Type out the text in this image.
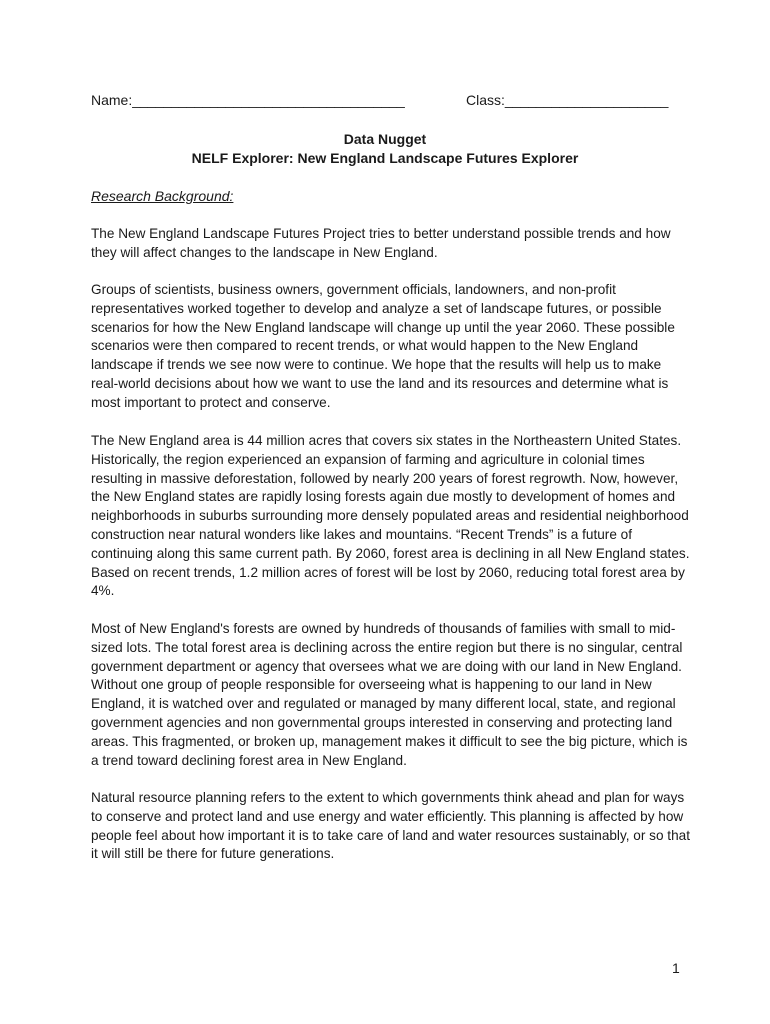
Name:___________________________________	Class:_____________________
Data Nugget
NELF Explorer: New England Landscape Futures Explorer
Research Background:

The New England Landscape Futures Project tries to better understand possible trends and how they will affect changes to the landscape in New England.

Groups of scientists, business owners, government officials, landowners, and non-profit representatives worked together to develop and analyze a set of landscape futures, or possible scenarios for how the New England landscape will change up until the year 2060. These possible scenarios were then compared to recent trends, or what would happen to the New England landscape if trends we see now were to continue. We hope that the results will help us to make real-world decisions about how we want to use the land and its resources and determine what is most important to protect and conserve.

The New England area is 44 million acres that covers six states in the Northeastern United States. Historically, the region experienced an expansion of farming and agriculture in colonial times resulting in massive deforestation, followed by nearly 200 years of forest regrowth. Now, however, the New England states are rapidly losing forests again due mostly to development of homes and neighborhoods in suburbs surrounding more densely populated areas and residential neighborhood construction near natural wonders like lakes and mountains. “Recent Trends” is a future of continuing along this same current path. By 2060, forest area is declining in all New England states. Based on recent trends, 1.2 million acres of forest will be lost by 2060, reducing total forest area by 4%.

Most of New England's forests are owned by hundreds of thousands of families with small to mid-sized lots. The total forest area is declining across the entire region but there is no singular, central government department or agency that oversees what we are doing with our land in New England. Without one group of people responsible for overseeing what is happening to our land in New England, it is watched over and regulated or managed by many different local, state, and regional government agencies and non governmental groups interested in conserving and protecting land areas. This fragmented, or broken up, management makes it difficult to see the big picture, which is a trend toward declining forest area in New England.

Natural resource planning refers to the extent to which governments think ahead and plan for ways to conserve and protect land and use energy and water efficiently. This planning is affected by how people feel about how important it is to take care of land and water resources sustainably, or so that it will still be there for future generations.

1
